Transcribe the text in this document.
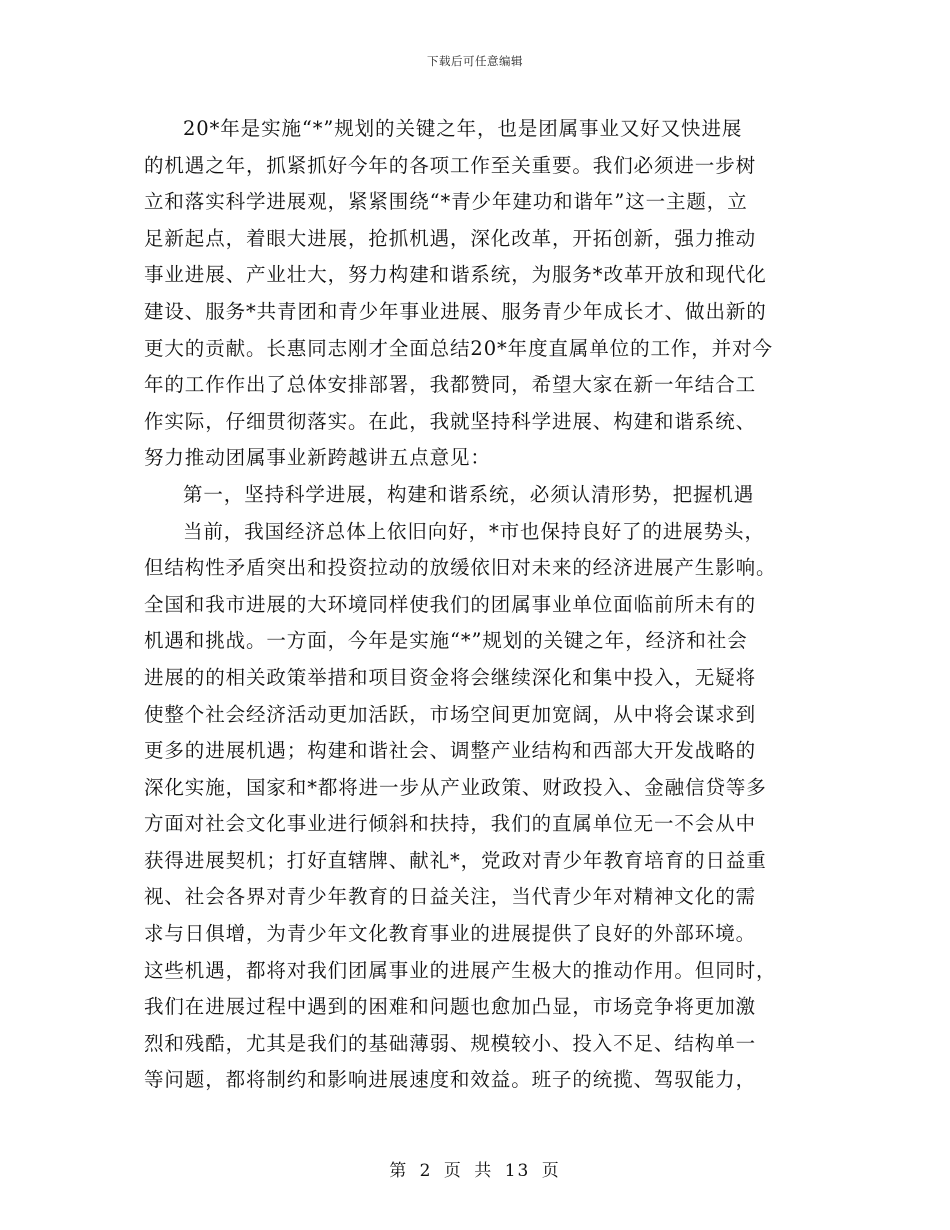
下载后可任意编辑
20*年是实施“*”规划的关键之年，也是团属事业又好又快进展
的机遇之年，抓紧抓好今年的各项工作至关重要。我们必须进一步树
立和落实科学进展观，紧紧围绕“*青少年建功和谐年”这一主题，立
足新起点，着眼大进展，抢抓机遇，深化改革，开拓创新，强力推动
事业进展、产业壮大，努力构建和谐系统，为服务*改革开放和现代化
建设、服务*共青团和青少年事业进展、服务青少年成长才、做出新的
更大的贡献。长惠同志刚才全面总结20*年度直属单位的工作，并对今
年的工作作出了总体安排部署，我都赞同，希望大家在新一年结合工
作实际，仔细贯彻落实。在此，我就坚持科学进展、构建和谐系统、
努力推动团属事业新跨越讲五点意见：
第一，坚持科学进展，构建和谐系统，必须认清形势，把握机遇
当前，我国经济总体上依旧向好，*市也保持良好了的进展势头，
但结构性矛盾突出和投资拉动的放缓依旧对未来的经济进展产生影响。
全国和我市进展的大环境同样使我们的团属事业单位面临前所未有的
机遇和挑战。一方面，今年是实施“*”规划的关键之年，经济和社会
进展的的相关政策举措和项目资金将会继续深化和集中投入，无疑将
使整个社会经济活动更加活跃，市场空间更加宽阔，从中将会谋求到
更多的进展机遇；构建和谐社会、调整产业结构和西部大开发战略的
深化实施，国家和*都将进一步从产业政策、财政投入、金融信贷等多
方面对社会文化事业进行倾斜和扶持，我们的直属单位无一不会从中
获得进展契机；打好直辖牌、献礼*，党政对青少年教育培育的日益重
视、社会各界对青少年教育的日益关注，当代青少年对精神文化的需
求与日俱增，为青少年文化教育事业的进展提供了良好的外部环境。
这些机遇，都将对我们团属事业的进展产生极大的推动作用。但同时，
我们在进展过程中遇到的困难和问题也愈加凸显，市场竞争将更加激
烈和残酷，尤其是我们的基础薄弱、规模较小、投入不足、结构单一
等问题，都将制约和影响进展速度和效益。班子的统揽、驾驭能力，
第 2 页 共 13 页
